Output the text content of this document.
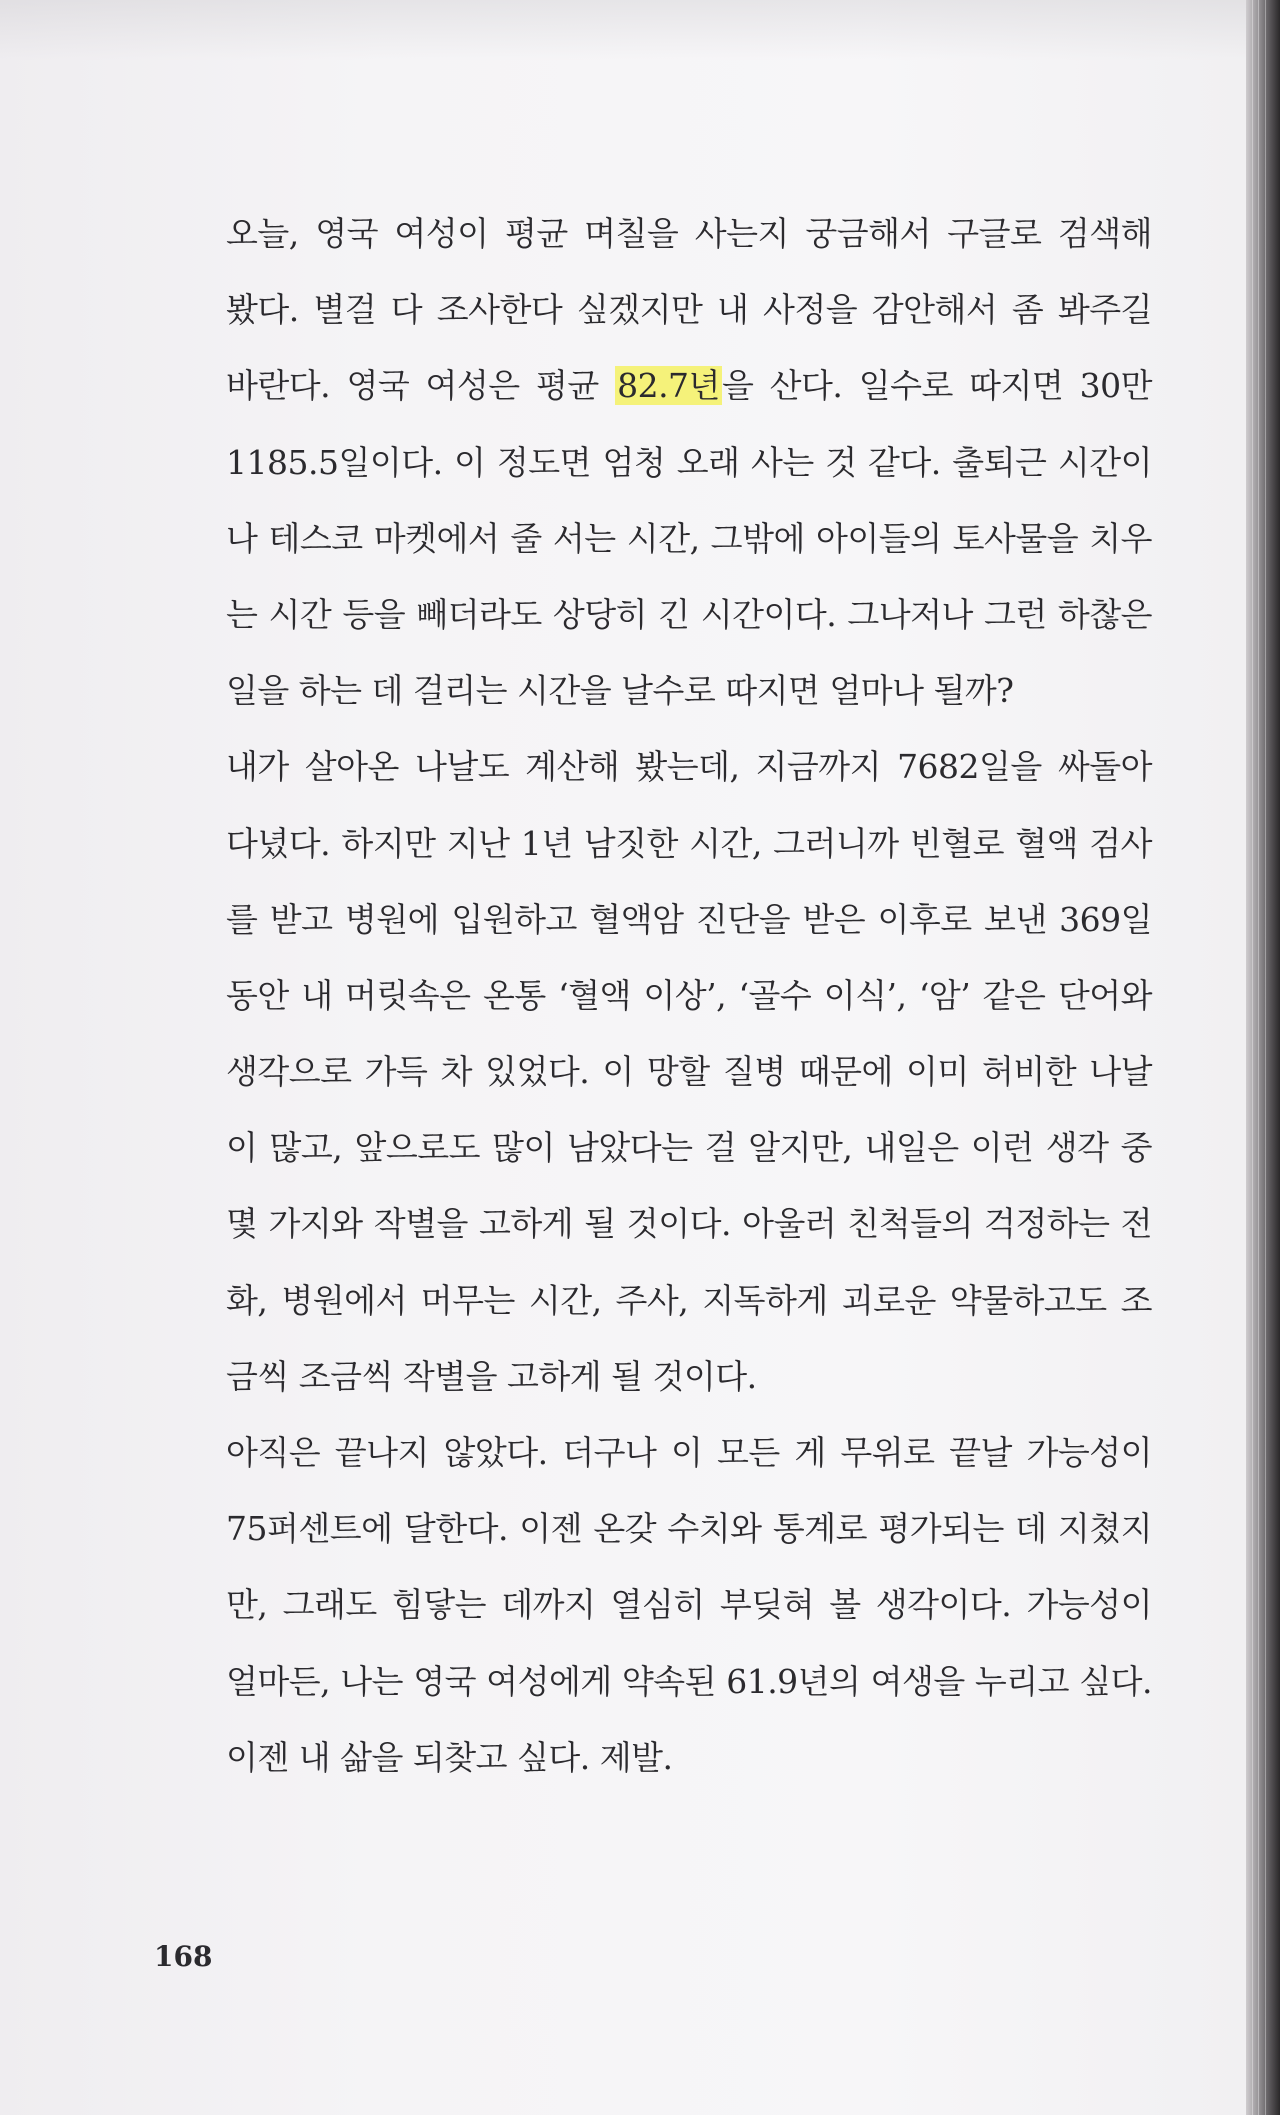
오늘, 영국 여성이 평균 며칠을 사는지 궁금해서 구글로 검색해
봤다. 별걸 다 조사한다 싶겠지만 내 사정을 감안해서 좀 봐주길
바란다. 영국 여성은 평균 82.7년을 산다. 일수로 따지면 30만
1185.5일이다. 이 정도면 엄청 오래 사는 것 같다. 출퇴근 시간이
나 테스코 마켓에서 줄 서는 시간, 그밖에 아이들의 토사물을 치우
는 시간 등을 빼더라도 상당히 긴 시간이다. 그나저나 그런 하찮은
일을 하는 데 걸리는 시간을 날수로 따지면 얼마나 될까?
내가 살아온 나날도 계산해 봤는데, 지금까지 7682일을 싸돌아
다녔다. 하지만 지난 1년 남짓한 시간, 그러니까 빈혈로 혈액 검사
를 받고 병원에 입원하고 혈액암 진단을 받은 이후로 보낸 369일
동안 내 머릿속은 온통 ‘혈액 이상’, ‘골수 이식’, ‘암’ 같은 단어와
생각으로 가득 차 있었다. 이 망할 질병 때문에 이미 허비한 나날
이 많고, 앞으로도 많이 남았다는 걸 알지만, 내일은 이런 생각 중
몇 가지와 작별을 고하게 될 것이다. 아울러 친척들의 걱정하는 전
화, 병원에서 머무는 시간, 주사, 지독하게 괴로운 약물하고도 조
금씩 조금씩 작별을 고하게 될 것이다.
아직은 끝나지 않았다. 더구나 이 모든 게 무위로 끝날 가능성이
75퍼센트에 달한다. 이젠 온갖 수치와 통계로 평가되는 데 지쳤지
만, 그래도 힘닿는 데까지 열심히 부딪혀 볼 생각이다. 가능성이
얼마든, 나는 영국 여성에게 약속된 61.9년의 여생을 누리고 싶다.
이젠 내 삶을 되찾고 싶다. 제발.
168
